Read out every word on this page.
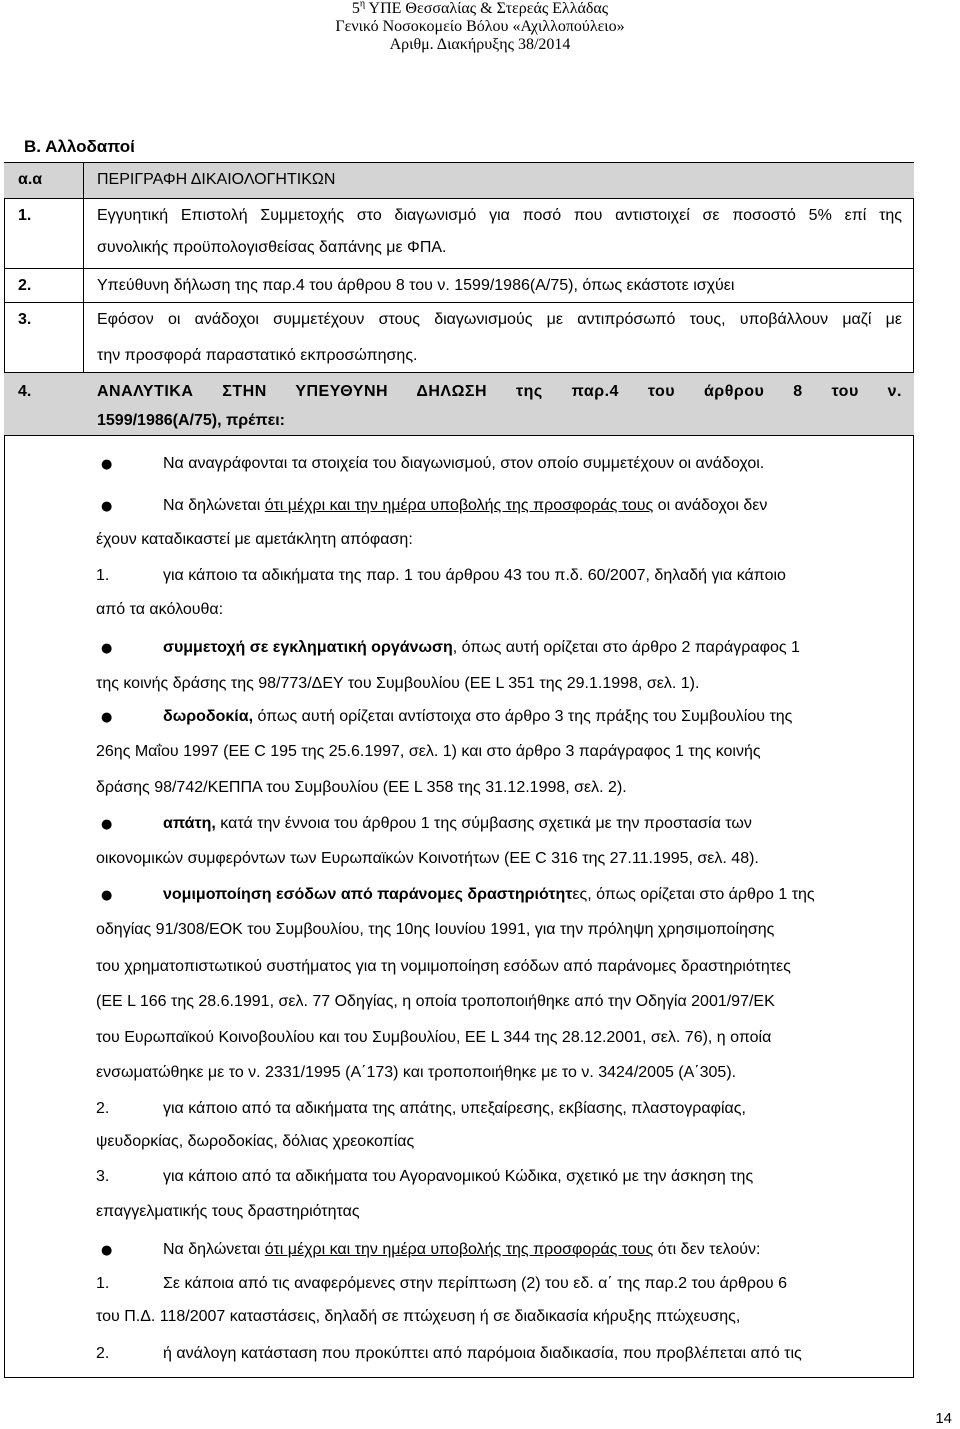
$5^\eta$ ΥΠΕ Θεσσαλίας & Στερεάς Ελλάδας
Γενικό Νοσοκομείο Βόλου «Αχιλλοπούλειο»
Αριθμ. Διακήρυξης 38/2014
Β. Αλλοδαποί
α.α	ΠΕΡΙΓΡΑΦΗ ΔΙΚΑΙΟΛΟΓΗΤΙΚΩΝ
1.	Εγγυητική Επιστολή Συμμετοχής στο διαγωνισμό για ποσό που αντιστοιχεί σε ποσοστό 5% επί της
συνολικής προϋπολογισθείσας δαπάνης με ΦΠΑ.
2.	Υπεύθυνη δήλωση της παρ.4 του άρθρου 8 του ν. 1599/1986(Α/75), όπως εκάστοτε ισχύει
3.	Εφόσον οι ανάδοχοι συμμετέχουν στους διαγωνισμούς με αντιπρόσωπό τους, υποβάλλουν μαζί με
την προσφορά παραστατικό εκπροσώπησης.
4.	ΑΝΑΛΥΤΙΚΑ ΣΤΗΝ ΥΠΕΥΘΥΝΗ ΔΗΛΩΣΗ της παρ.4 του άρθρου 8 του ν.
1599/1986(Α/75), πρέπει:
●	Να αναγράφονται τα στοιχεία του διαγωνισμού, στον οποίο συμμετέχουν οι ανάδοχοι.
●	Να δηλώνεται ότι μέχρι και την ημέρα υποβολής της προσφοράς τους οι ανάδοχοι δεν
έχουν καταδικαστεί με αμετάκλητη απόφαση:
1.	για κάποιο τα αδικήματα της παρ. 1 του άρθρου 43 του π.δ. 60/2007, δηλαδή για κάποιο
από τα ακόλουθα:
●	συμμετοχή σε εγκληματική οργάνωση, όπως αυτή ορίζεται στο άρθρο 2 παράγραφος 1
της κοινής δράσης της 98/773/ΔΕΥ του Συμβουλίου (ΕΕ L 351 της 29.1.1998, σελ. 1).
●	δωροδοκία, όπως αυτή ορίζεται αντίστοιχα στο άρθρο 3 της πράξης του Συμβουλίου της
26ης Μαΐου 1997 (ΕΕ C 195 της 25.6.1997, σελ. 1) και στο άρθρο 3 παράγραφος 1 της κοινής
δράσης 98/742/ΚΕΠΠΑ του Συμβουλίου (ΕΕ L 358 της 31.12.1998, σελ. 2).
●	απάτη, κατά την έννοια του άρθρου 1 της σύμβασης σχετικά με την προστασία των
οικονομικών συμφερόντων των Ευρωπαϊκών Κοινοτήτων (ΕΕ C 316 της 27.11.1995, σελ. 48).
●	νομιμοποίηση εσόδων από παράνομες δραστηριότητες, όπως ορίζεται στο άρθρο 1 της
οδηγίας 91/308/ΕΟΚ του Συμβουλίου, της 10ης Ιουνίου 1991, για την πρόληψη χρησιμοποίησης
του χρηματοπιστωτικού συστήματος για τη νομιμοποίηση εσόδων από παράνομες δραστηριότητες
(ΕΕ L 166 της 28.6.1991, σελ. 77 Οδηγίας, η οποία τροποποιήθηκε από την Οδηγία 2001/97/ΕΚ
του Ευρωπαϊκού Κοινοβουλίου και του Συμβουλίου, ΕΕ L 344 της 28.12.2001, σελ. 76), η οποία
ενσωματώθηκε με το ν. 2331/1995 (Α΄173) και τροποποιήθηκε με το ν. 3424/2005 (Α΄305).
2.	για κάποιο από τα αδικήματα της απάτης, υπεξαίρεσης, εκβίασης, πλαστογραφίας,
ψευδορκίας, δωροδοκίας, δόλιας χρεοκοπίας
3.	για κάποιο από τα αδικήματα του Αγορανομικού Κώδικα, σχετικό με την άσκηση της
επαγγελματικής τους δραστηριότητας
●	Να δηλώνεται ότι μέχρι και την ημέρα υποβολής της προσφοράς τους ότι δεν τελούν:
1.	Σε κάποια από τις αναφερόμενες στην περίπτωση (2) του εδ. α΄ της παρ.2 του άρθρου 6
του Π.Δ. 118/2007 καταστάσεις, δηλαδή σε πτώχευση ή σε διαδικασία κήρυξης πτώχευσης,
2.	ή ανάλογη κατάσταση που προκύπτει από παρόμοια διαδικασία, που προβλέπεται από τις
14
